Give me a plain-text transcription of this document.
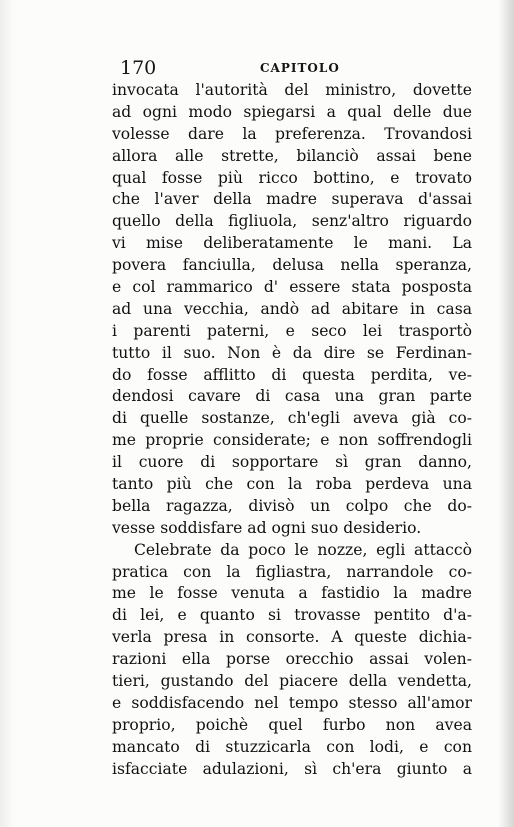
170	CAPITOLO
invocata l'autorità del ministro, dovette
ad ogni modo spiegarsi a qual delle due
volesse dare la preferenza. Trovandosi
allora alle strette, bilanciò assai bene
qual fosse più ricco bottino, e trovato
che l'aver della madre superava d'assai
quello della figliuola, senz'altro riguardo
vi mise deliberatamente le mani. La
povera fanciulla, delusa nella speranza,
e col rammarico d' essere stata posposta
ad una vecchia, andò ad abitare in casa
i parenti paterni, e seco lei trasportò
tutto il suo. Non è da dire se Ferdinan-
do fosse afflitto di questa perdita, ve-
dendosi cavare di casa una gran parte
di quelle sostanze, ch'egli aveva già co-
me proprie considerate; e non soffrendogli
il cuore di sopportare sì gran danno,
tanto più che con la roba perdeva una
bella ragazza, divisò un colpo che do-
vesse soddisfare ad ogni suo desiderio.
Celebrate da poco le nozze, egli attaccò
pratica con la figliastra, narrandole co-
me le fosse venuta a fastidio la madre
di lei, e quanto si trovasse pentito d'a-
verla presa in consorte. A queste dichia-
razioni ella porse orecchio assai volen-
tieri, gustando del piacere della vendetta,
e soddisfacendo nel tempo stesso all'amor
proprio, poichè quel furbo non avea
mancato di stuzzicarla con lodi, e con
isfacciate adulazioni, sì ch'era giunto a
